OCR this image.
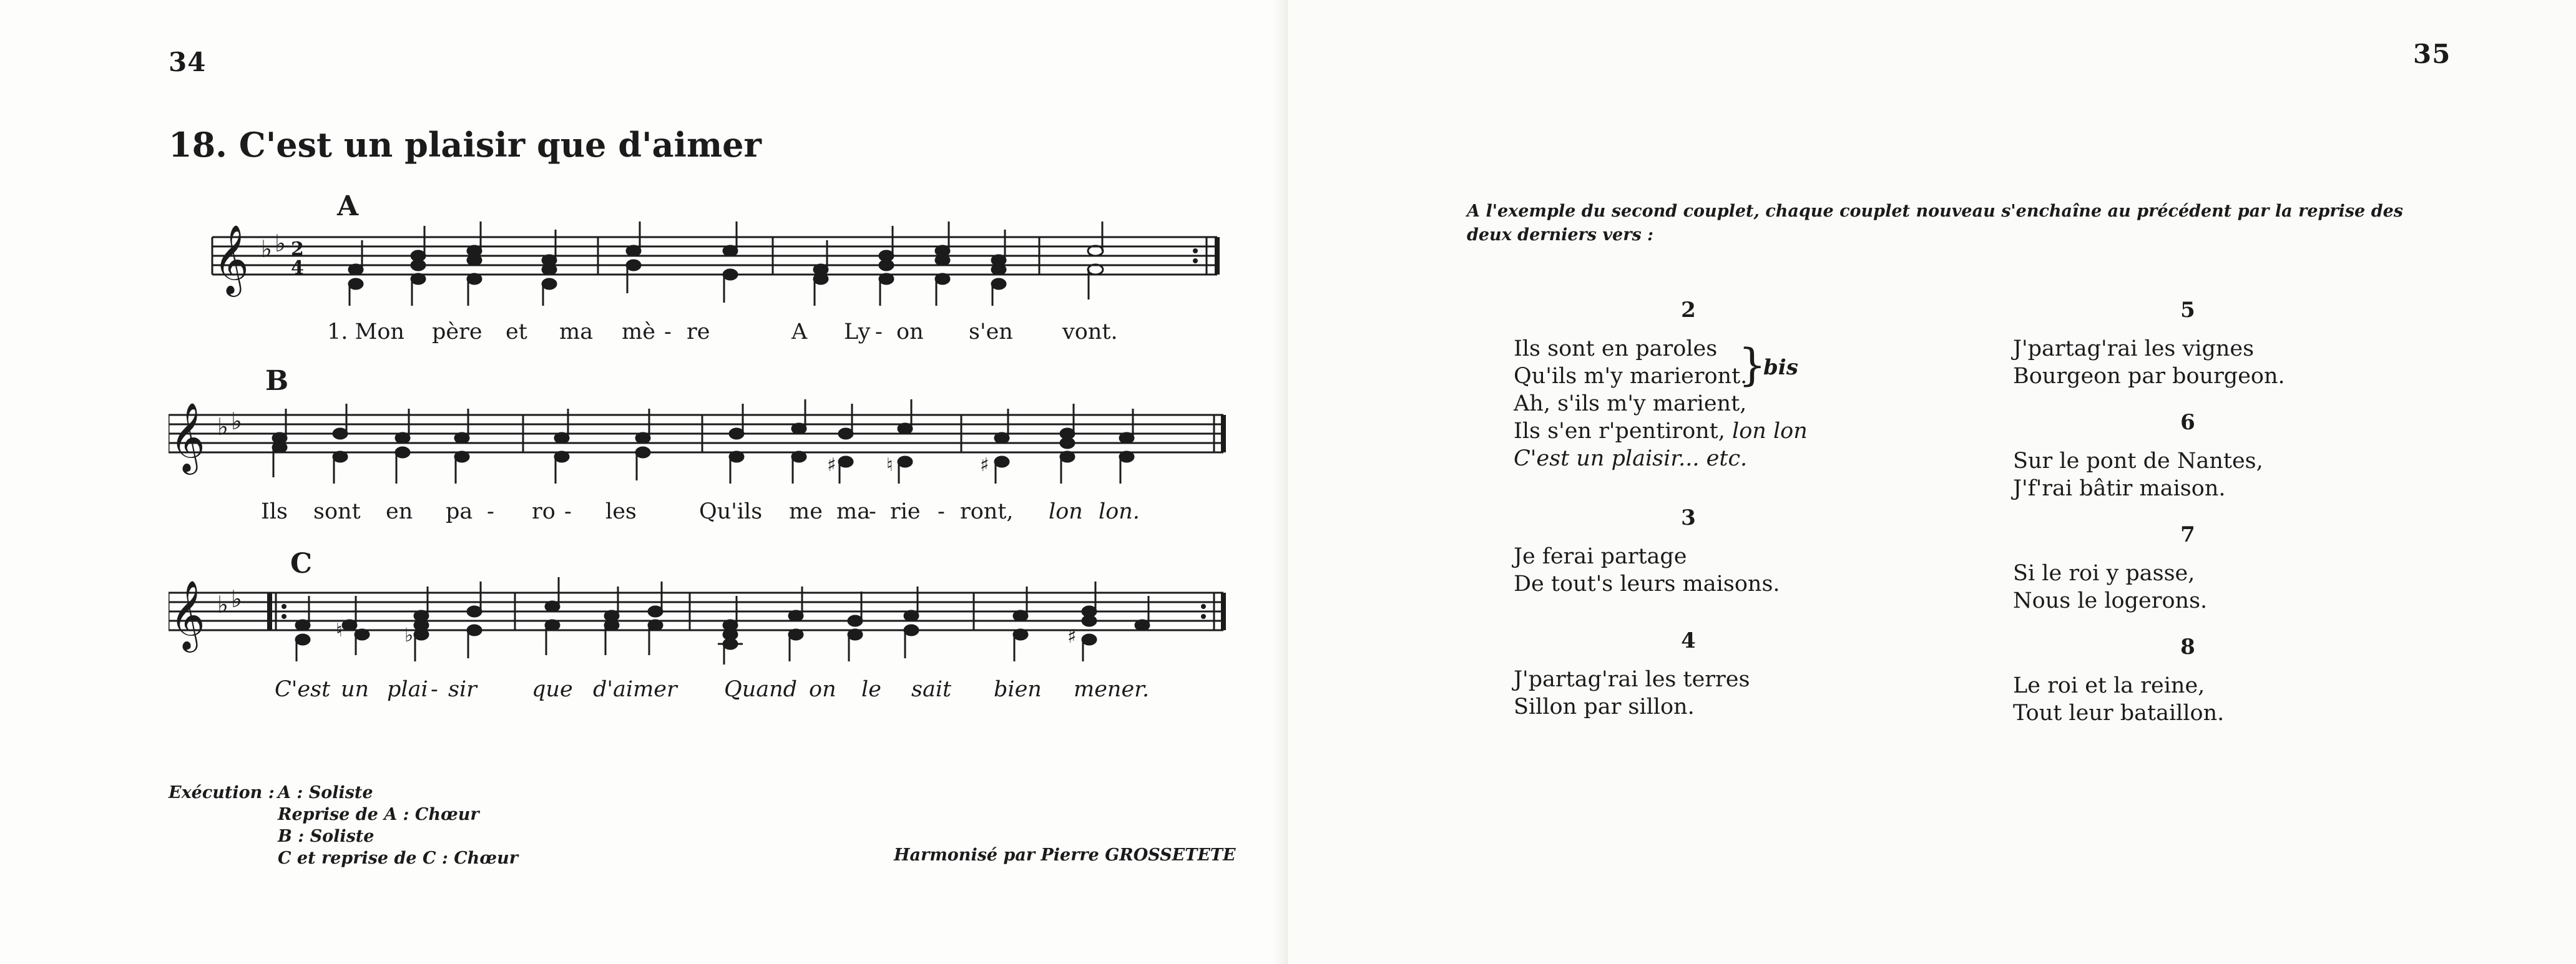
34
18. C'est un plaisir que d'aimer
A
𝄞 ♭ ♭ 2
4
1. Mon père et ma mè - re	A Ly - on s'en vont.
B
𝄞 ♭ ♭
♯	♮	♯
Ils sont en pa - ro - les	Qu'ils me ma
- rie - ront, lon lon.
C
𝄞 ♭ ♭
♮	♭	♯
C'est un plai - sir	que d'aimer Quand on le sait bien mener.
Exécution : A : Soliste
Reprise de A : Chœur
B : Soliste
C et reprise de C : Chœur	Harmonisé par Pierre GROSSETETE
35

A l'exemple du second couplet, chaque couplet nouveau s'enchaîne au précédent par la reprise des deux derniers vers :

2
Ils sont en paroles
Qu'ils m'y marieront.
Ah, s'ils m'y marient,
Ils s'en r'pentiront, lon lon
C'est un plaisir... etc.
}
bis
3
Je ferai partage
De tout's leurs maisons.
4
J'partag'rai les terres
Sillon par sillon.
5
J'partag'rai les vignes
Bourgeon par bourgeon.
6
Sur le pont de Nantes,
J'f'rai bâtir maison.
7
Si le roi y passe,
Nous le logerons.
8
Le roi et la reine,
Tout leur bataillon.
